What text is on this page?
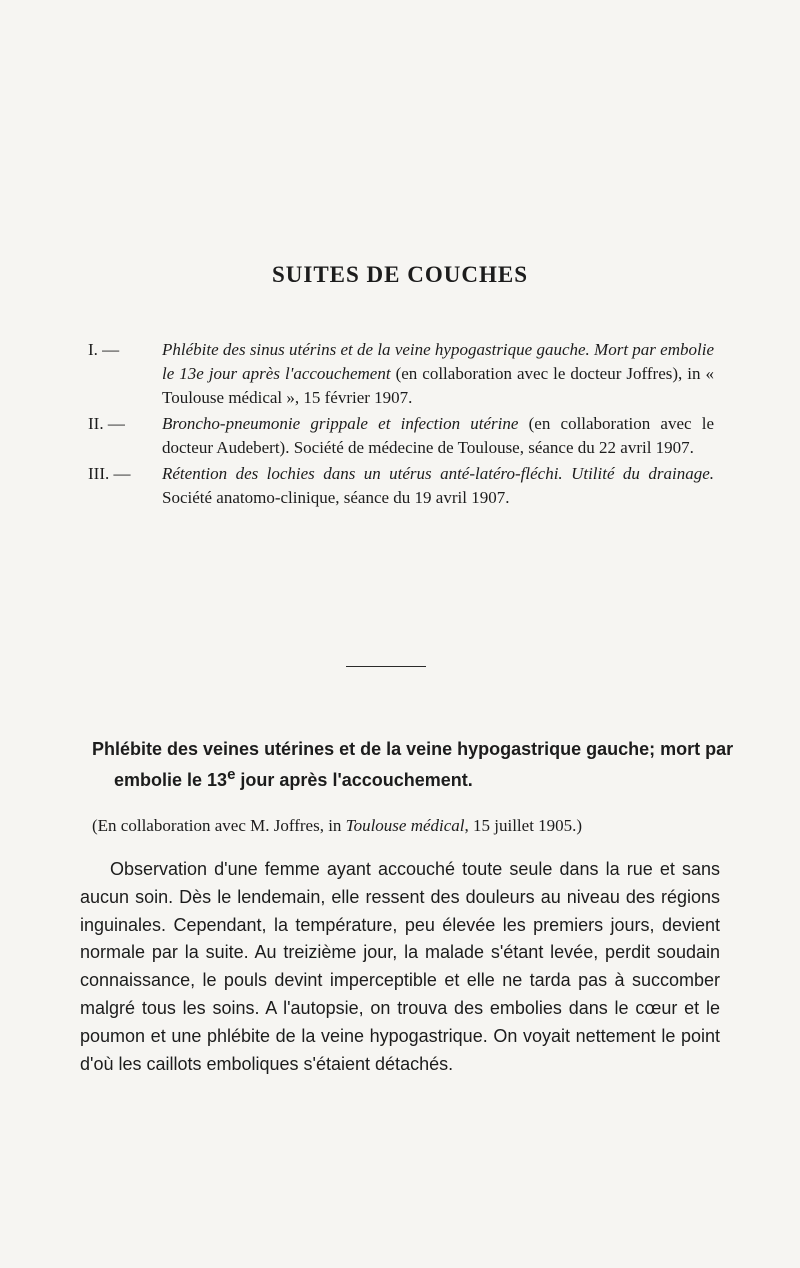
SUITES DE COUCHES
I. —	Phlébite des sinus utérins et de la veine hypogastrique gauche. Mort par embolie le 13e jour après l'accouchement (en collaboration avec le docteur Joffres), in « Toulouse médical », 15 février 1907.
II. — Broncho-pneumonie grippale et infection utérine (en collaboration avec le docteur Audebert). Société de médecine de Toulouse, séance du 22 avril 1907.
III. — Rétention des lochies dans un utérus anté-latéro-fléchi. Utilité du drainage. Société anatomo-clinique, séance du 19 avril 1907.
Phlébite des veines utérines et de la veine hypogastrique gauche; mort par embolie le 13e jour après l'accouchement.

(En collaboration avec M. Joffres, in Toulouse médical, 15 juillet 1905.)

Observation d'une femme ayant accouché toute seule dans la rue et sans aucun soin. Dès le lendemain, elle ressent des douleurs au niveau des régions inguinales. Cependant, la température, peu élevée les premiers jours, devient normale par la suite. Au treizième jour, la malade s'étant levée, perdit soudain connaissance, le pouls devint imperceptible et elle ne tarda pas à succomber malgré tous les soins. A l'autopsie, on trouva des embolies dans le cœur et le poumon et une phlébite de la veine hypogastrique. On voyait nettement le point d'où les caillots emboliques s'étaient détachés.
